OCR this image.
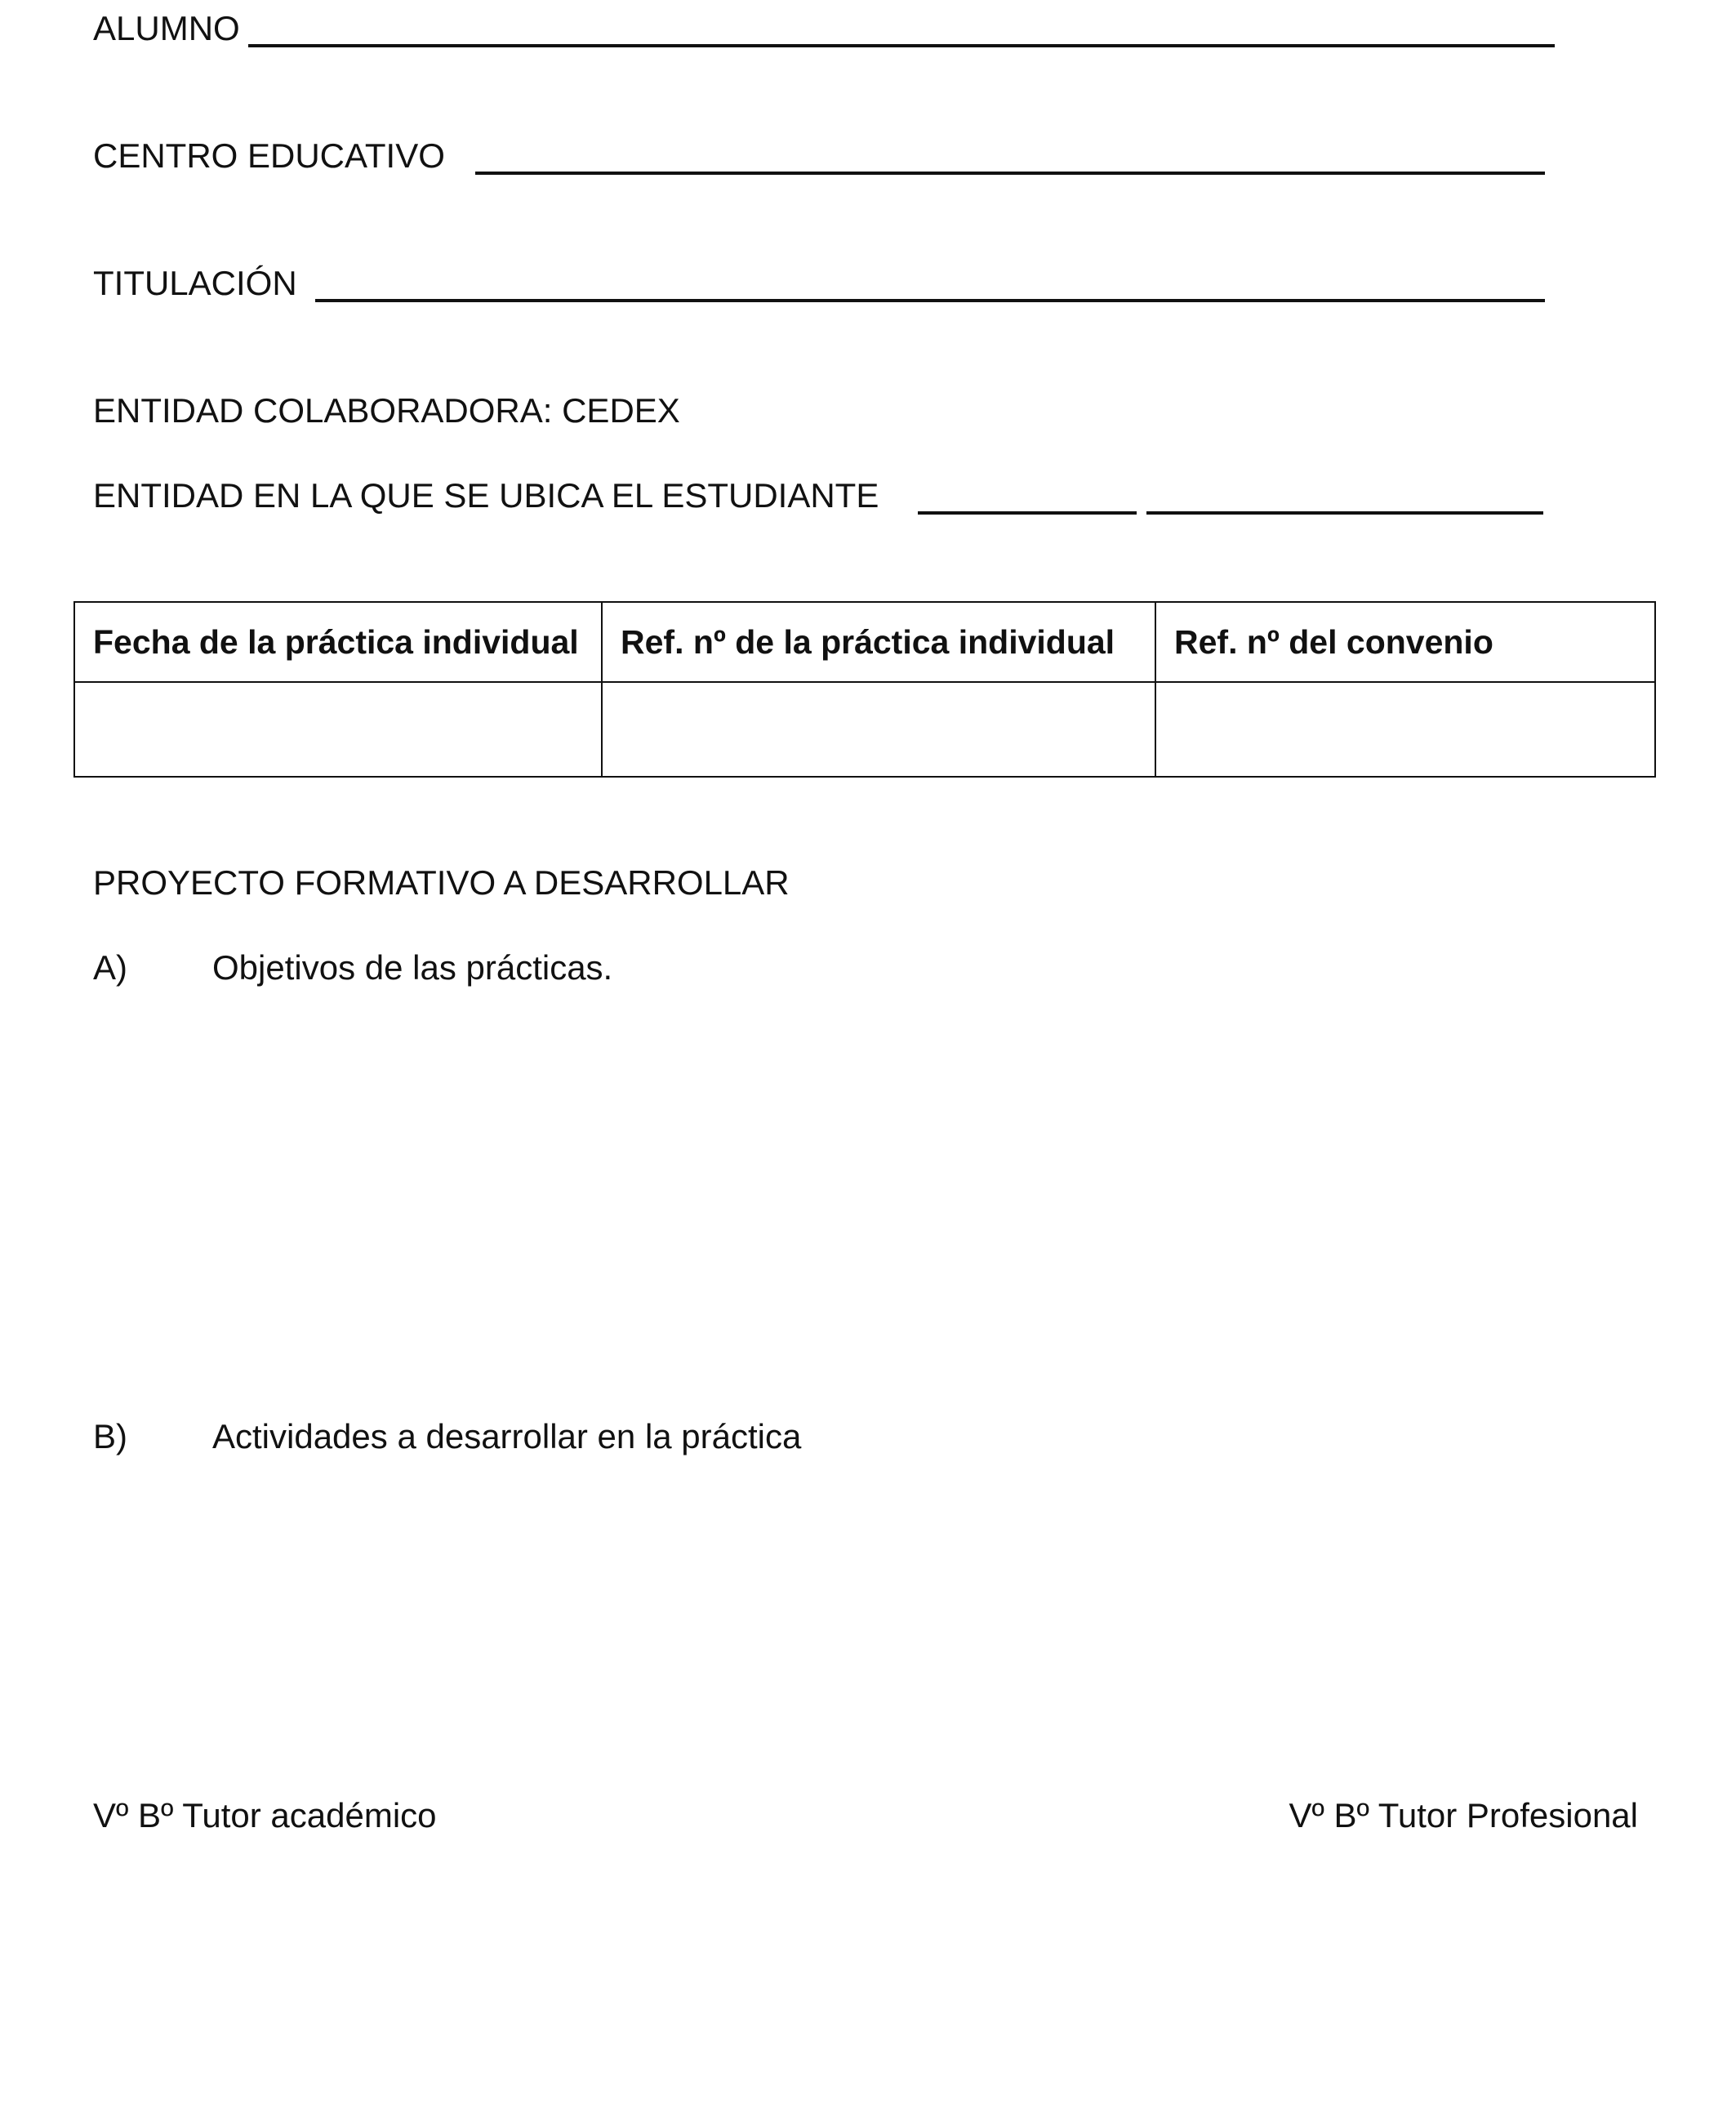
ALUMNO
CENTRO EDUCATIVO
TITULACIÓN
ENTIDAD COLABORADORA: CEDEX
ENTIDAD EN LA QUE SE UBICA EL ESTUDIANTE
Fecha de la práctica individual	Ref. nº de la práctica individual	Ref. nº del convenio

PROYECTO FORMATIVO A DESARROLLAR
A) Objetivos de las prácticas.
B) Actividades a desarrollar en la práctica
Vº Bº Tutor académico	Vº Bº Tutor Profesional
